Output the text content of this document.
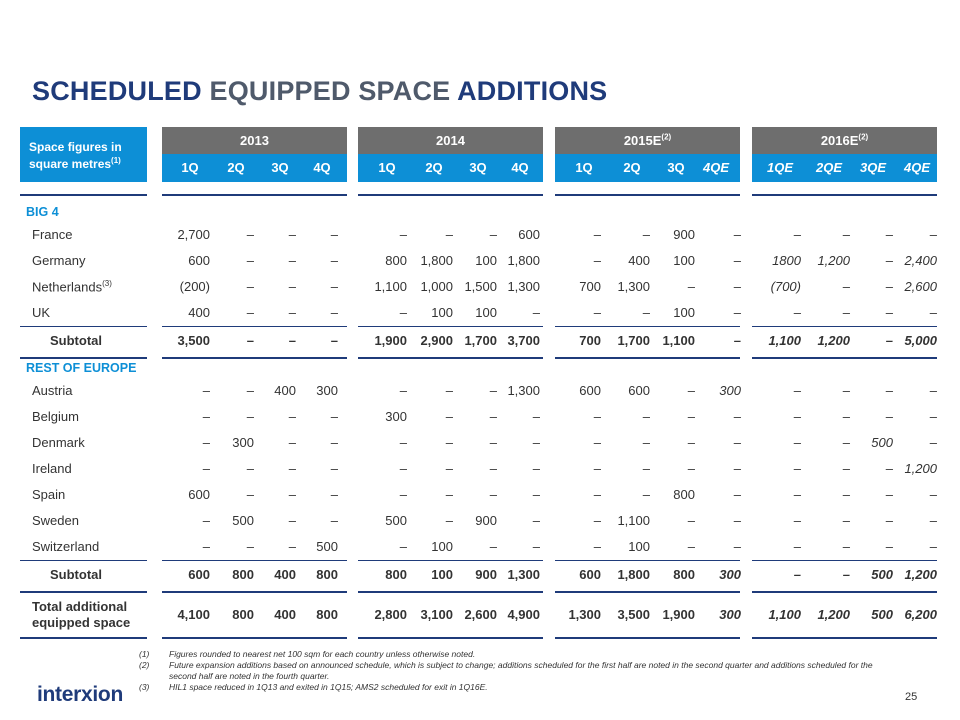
SCHEDULED EQUIPPED SPACE ADDITIONS
Space figures in square metres$^{(1)}$
2013
1Q	2Q	3Q	4Q
2014
1Q	2Q	3Q	4Q
$2015E^{(2)}$
1Q	2Q	3Q	4QE
$2016E^{(2)}$
1QE	2QE	3QE	4QE
BIG 4
France	2,700	–	–	–	–	–	– 600	–	– 900	–	–	–	–	–
Germany	600	–	–	–	800 1,800 100 1,800	– 400 100	– 1800 1,200	– 2,400
Netherlands$^{(3)}$	(200)	–	–	–	1,100 1,000 1,500 1,300	700 1,300	–	– (700)	–	– 2,600
UK	400	–	–	–	– 100 100	–	–	– 100	–	–	–	–	–
Subtotal	3,500	–	–	–	1,900 2,900 1,700 3,700	700 1,700 1,100	– 1,100 1,200	– 5,000
REST OF EUROPE
Austria	–	– 400 300	–	–	– 1,300	600 600	– 300	–	–	–	–
Belgium	–	–	–	–	300	–	–	–	–	–	–	–	–	–	–	–
Denmark	– 300	–	–	–	–	–	–	–	–	–	–	–	– 500	–
Ireland	–	–	–	–	–	–	–	–	–	–	–	–	–	–	– 1,200
Spain	600	–	–	–	–	–	–	–	–	– 800	–	–	–	–	–
Sweden	– 500	–	–	500	– 900	–	– 1,100	–	–	–	–	–	–
Switzerland	–	–	– 500	– 100	–	–	– 100	–	–	–	–	–	–
Subtotal	600 800 400 800	800 100 900 1,300	600 1,800 800 300	–	– 500 1,200
Total additional
equipped space
4,100 800 400 800	2,800 3,100 2,600 4,900 1,300 3,500 1,900 300 1,100 1,200 500 6,200
(1) Figures rounded to nearest net 100 sqm for each country unless otherwise noted.
(2) Future expansion additions based on announced schedule, which is subject to change; additions scheduled for the first half are noted in the second quarter and additions scheduled for the second half are noted in the fourth quarter.
(3) HIL1 space reduced in 1Q13 and exited in 1Q15; AMS2 scheduled for exit in 1Q16E.
interxion	25
